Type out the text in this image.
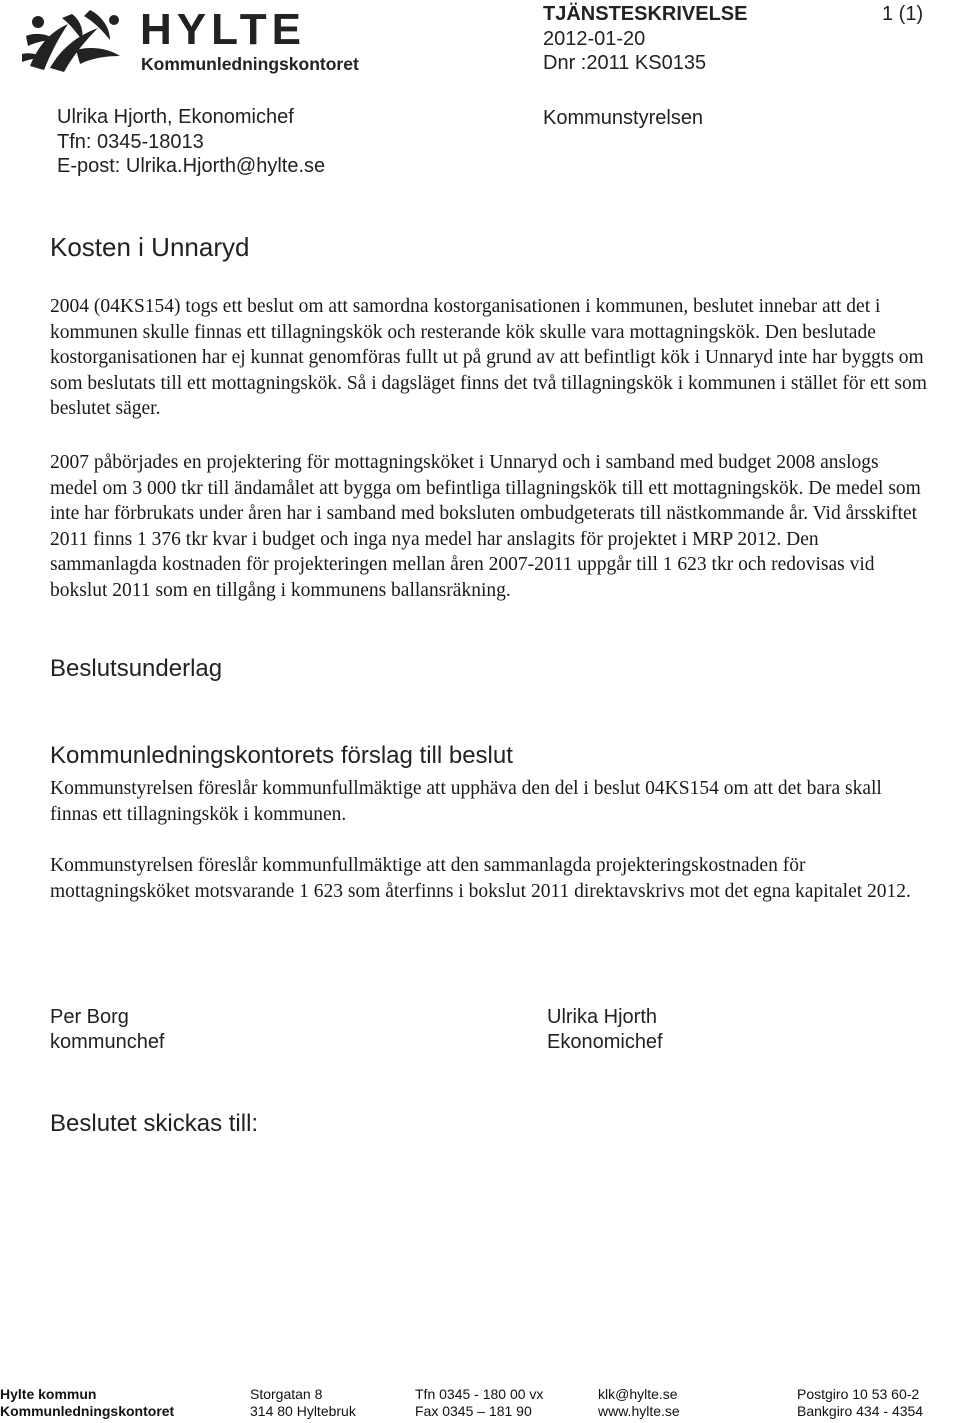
HYLTE
Kommunledningskontoret
TJÄNSTESKRIVELSE	1 (1)
2012-01-20
Dnr :2011 KS0135
Kommunstyrelsen
Ulrika Hjorth, Ekonomichef
Tfn: 0345-18013
E-post: Ulrika.Hjorth@hylte.se
Kosten i Unnaryd

2004 (04KS154) togs ett beslut om att samordna kostorganisationen i kommunen, beslutet innebar att det i kommunen skulle finnas ett tillagningskök och resterande kök skulle vara mottagningskök. Den beslutade kostorganisationen har ej kunnat genomföras fullt ut på grund av att befintligt kök i Unnaryd inte har byggts om som beslutats till ett mottagningskök. Så i dagsläget finns det två tillagningskök i kommunen i stället för ett som beslutet säger.

2007 påbörjades en projektering för mottagningsköket i Unnaryd och i samband med budget 2008 anslogs medel om 3 000 tkr till ändamålet att bygga om befintliga tillagningskök till ett mottagningskök. De medel som inte har förbrukats under åren har i samband med boksluten ombudgeterats till nästkommande år. Vid årsskiftet 2011 finns 1 376 tkr kvar i budget och inga nya medel har anslagits för projektet i MRP 2012. Den sammanlagda kostnaden för projekteringen mellan åren 2007-2011 uppgår till 1 623 tkr och redovisas vid bokslut 2011 som en tillgång i kommunens ballansräkning.

Beslutsunderlag
Kommunledningskontorets förslag till beslut

Kommunstyrelsen föreslår kommunfullmäktige att upphäva den del i beslut 04KS154 om att det bara skall finnas ett tillagningskök i kommunen.

Kommunstyrelsen föreslår kommunfullmäktige att den sammanlagda projekteringskostnaden för mottagningsköket motsvarande 1 623 som återfinns i bokslut 2011 direktavskrivs mot det egna kapitalet 2012.

Per Borg
kommunchef
Ulrika Hjorth
Ekonomichef
Beslutet skickas till:
Hylte kommun
Kommunledningskontoret
Storgatan 8
314 80 Hyltebruk
Tfn 0345 - 180 00 vx
Fax 0345 – 181 90
klk@hylte.se
www.hylte.se
Postgiro 10 53 60-2
Bankgiro 434 - 4354
